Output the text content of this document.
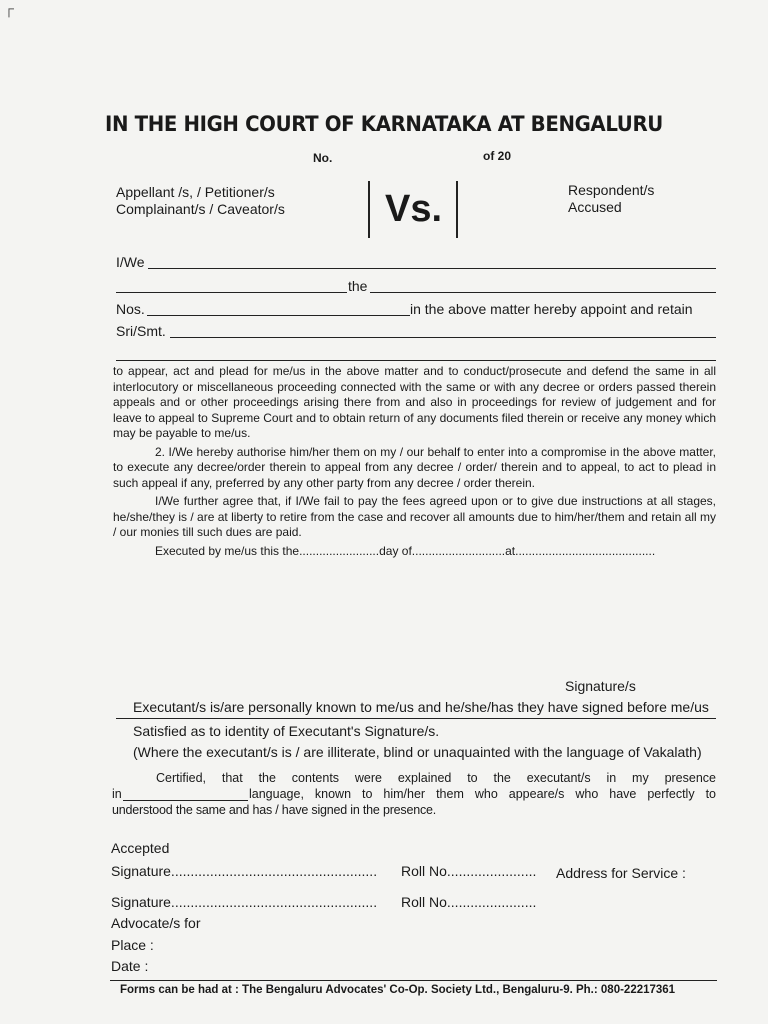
┌
IN THE HIGH COURT OF KARNATAKA AT BENGALURU
No.	of 20
Appellant /s, / Petitioner/s
Complainant/s / Caveator/s	Vs.	Respondent/s
Accused
I/We
the
Nos.	in the above matter hereby appoint and retain
Sri/Smt.

to appear, act and plead for me/us in the above matter and to conduct/prosecute and defend the same in all interlocutory or miscellaneous proceeding connected with the same or with any decree or orders passed therein appeals and or other proceedings arising there from and also in proceedings for review of judgement and for leave to appeal to Supreme Court and to obtain return of any documents filed therein or receive any money which may be payable to me/us.

2. I/We hereby authorise him/her them on my / our behalf to enter into a compromise in the above matter, to execute any decree/order therein to appeal from any decree / order/ therein and to appeal, to act to plead in such appeal if any, preferred by any other party from any decree / order therein.

I/We further agree that, if I/We fail to pay the fees agreed upon or to give due instructions at all stages, he/she/they is / are at liberty to retire from the case and recover all amounts due to him/her/them and retain all my / our monies till such dues are paid.

Executed by me/us this the........................day of............................at..........................................

Signature/s
Executant/s is/are personally known to me/us and he/she/has they have signed before me/us
Satisfied as to identity of Executant's Signature/s.
(Where the executant/s is / are illiterate, blind or unaquainted with the language of Vakalath)
Certified, that the contents were explained to the executant/s in my presence
in	language, known to him/her them who appeare/s who have perfectly to
understood the same and has / have signed in the presence.
Accepted
Signature..................................................... Roll No....................... Address for Service :
Signature..................................................... Roll No.......................
Advocate/s for
Place :
Date :
Forms can be had at : The Bengaluru Advocates' Co-Op. Society Ltd., Bengaluru-9. Ph.: 080-22217361
